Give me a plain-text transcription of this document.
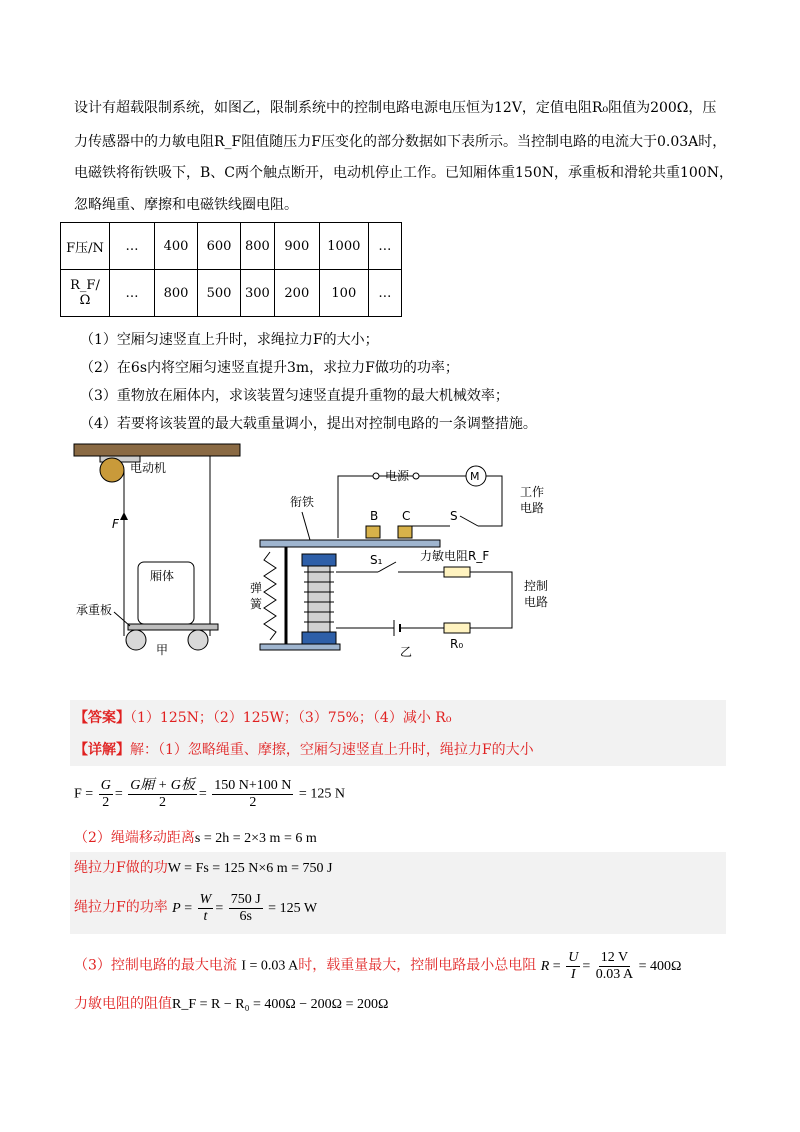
设计有超载限制系统，如图乙，限制系统中的控制电路电源电压恒为12V，定值电阻R₀阻值为200Ω，压
力传感器中的力敏电阻R_F阻值随压力F压变化的部分数据如下表所示。当控制电路的电流大于0.03A时，
电磁铁将衔铁吸下，B、C两个触点断开，电动机停止工作。已知厢体重150N，承重板和滑轮共重100N，
忽略绳重、摩擦和电磁铁线圈电阻。
F压/N	…	400	600	800	900	1000	…
R_F/Ω	…	800	500	300	200	100	…
（1）空厢匀速竖直上升时，求绳拉力F的大小；
（2）在6s内将空厢匀速竖直提升3m，求拉力F做功的功率；
（3）重物放在厢体内，求该装置匀速竖直提升重物的最大机械效率；
（4）若要将该装置的最大载重量调小，提出对控制电路的一条调整措施。
电动机
F
厢体
承重板
甲
电源	M
S
工作
电路
B C
衔铁
弹
簧
S₁	力敏电阻R_F
R₀
控制
电路
乙
【答案】（1）125N；（2）125W；（3）75%；（4）减小 R₀
【详解】解：（1）忽略绳重、摩擦，空厢匀速竖直上升时，绳拉力F的大小
$F = \frac{G}{2} = \frac{\text{G厢 + G板}}{2} = \frac{150 N+100 N}{2} = 125$ N
（2）绳端移动距离s = 2h = 2×3 m = 6 m
绳拉力F做的功W = Fs = 125 N×6 m = 750 J
绳拉力F的功率 $P = \frac{W}{t} = \frac{750 J}{6s} = 125$ W
（3）控制电路的最大电流 I = 0.03 A时，载重量最大，控制电路最小总电阻 $R = \frac{U}{I} = \frac{12 V}{0.03 A} = 400\Omega$
力敏电阻的阻值R_F = R − R₀ = 400Ω − 200Ω = 200Ω
